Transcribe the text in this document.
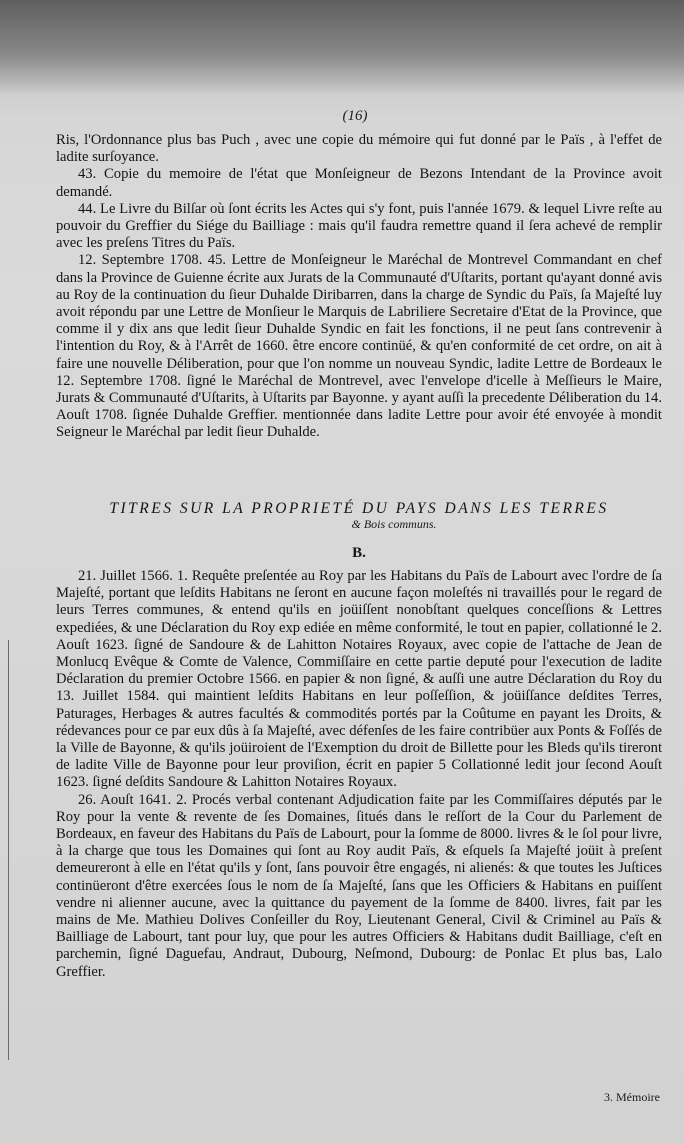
(16)

Ris, l'Ordonnance plus bas Puch , avec une copie du mémoire qui fut donné par le Païs , à l'effet de ladite surſoyance.

43. Copie du memoire de l'état que Monſeigneur de Bezons Intendant de la Province avoit demandé.

44. Le Livre du Bilſar où ſont écrits les Actes qui s'y font, puis l'année 1679. & lequel Livre reſte au pouvoir du Greffier du Siége du Bailliage : mais qu'il faudra remettre quand il ſera achevé de remplir avec les preſens Titres du Païs.

12. Septembre 1708. 45. Lettre de Monſeigneur le Maréchal de Montrevel Commandant en chef dans la Province de Guienne écrite aux Jurats de la Communauté d'Uſtarits, portant qu'ayant donné avis au Roy de la continuation du ſieur Duhalde Diribarren, dans la charge de Syndic du Païs, ſa Majeſté luy avoit répondu par une Lettre de Monſieur le Marquis de Labriliere Secretaire d'Etat de la Province, que comme il y dix ans que ledit ſieur Duhalde Syndic en fait les fonctions, il ne peut ſans contrevenir à l'intention du Roy, & à l'Arrêt de 1660. être encore continüé, & qu'en conformité de cet ordre, on ait à faire une nouvelle Déliberation, pour que l'on nomme un nouveau Syndic, ladite Lettre de Bordeaux le 12. Septembre 1708. ſigné le Maréchal de Montrevel, avec l'envelope d'icelle à Meſſieurs le Maire, Jurats & Communauté d'Uſtarits, à Uſtarits par Bayonne. y ayant auſſi la precedente Déliberation du 14. Aouſt 1708. ſignée Duhalde Greffier. mentionnée dans ladite Lettre pour avoir été envoyée à mondit Seigneur le Maréchal par ledit ſieur Duhalde.

TITRES SUR LA PROPRIETÉ DU PAYS DANS LES TERRES
& Bois communs.
B.

21. Juillet 1566. 1. Requête preſentée au Roy par les Habitans du Païs de Labourt avec l'ordre de ſa Majeſté, portant que leſdits Habitans ne ſeront en aucune façon moleſtés ni travaillés pour le regard de leurs Terres communes, & entend qu'ils en joüiſſent nonobſtant quelques conceſſions & Lettres expediées, & une Déclaration du Roy exp ediée en même conformité, le tout en papier, collationné le 2. Aouſt 1623. ſigné de Sandoure & de Lahitton Notaires Royaux, avec copie de l'attache de Jean de Monlucq Evêque & Comte de Valence, Commiſſaire en cette partie deputé pour l'execution de ladite Déclaration du premier Octobre 1566. en papier & non ſigné, & auſſi une autre Déclaration du Roy du 13. Juillet 1584. qui maintient leſdits Habitans en leur poſſeſſion, & joüiſſance deſdites Terres, Paturages, Herbages & autres facultés & commodités portés par la Coûtume en payant les Droits, & rédevances pour ce par eux dûs à ſa Majeſté, avec défenſes de les faire contribüer aux Ponts & Foſſés de la Ville de Bayonne, & qu'ils joüiroient de l'Exemption du droit de Billette pour les Bleds qu'ils tireront de ladite Ville de Bayonne pour leur proviſion, écrit en papier 5 Collationné ledit jour ſecond Aouſt 1623. ſigné deſdits Sandoure & Lahitton Notaires Royaux.

26. Aouſt 1641. 2. Procés verbal contenant Adjudication faite par les Commiſſaires députés par le Roy pour la vente & revente de ſes Domaines, ſitués dans le reſſort de la Cour du Parlement de Bordeaux, en faveur des Habitans du Païs de Labourt, pour la ſomme de 8000. livres & le ſol pour livre, à la charge que tous les Domaines qui ſont au Roy audit Païs, & eſquels ſa Majeſté joüit à preſent demeureront à elle en l'état qu'ils y ſont, ſans pouvoir être engagés, ni alienés: & que toutes les Juſtices continüeront d'être exercées ſous le nom de ſa Majeſté, ſans que les Officiers & Habitans en puiſſent vendre ni alienner aucune, avec la quittance du payement de la ſomme de 8400. livres, fait par les mains de Me. Mathieu Dolives Conſeiller du Roy, Lieutenant General, Civil & Criminel au Païs & Bailliage de Labourt, tant pour luy, que pour les autres Officiers & Habitans dudit Bailliage, c'eſt en parchemin, ſigné Daguefau, Andraut, Dubourg, Neſmond, Dubourg: de Ponlac Et plus bas, Lalo Greffier.

3. Mémoire
